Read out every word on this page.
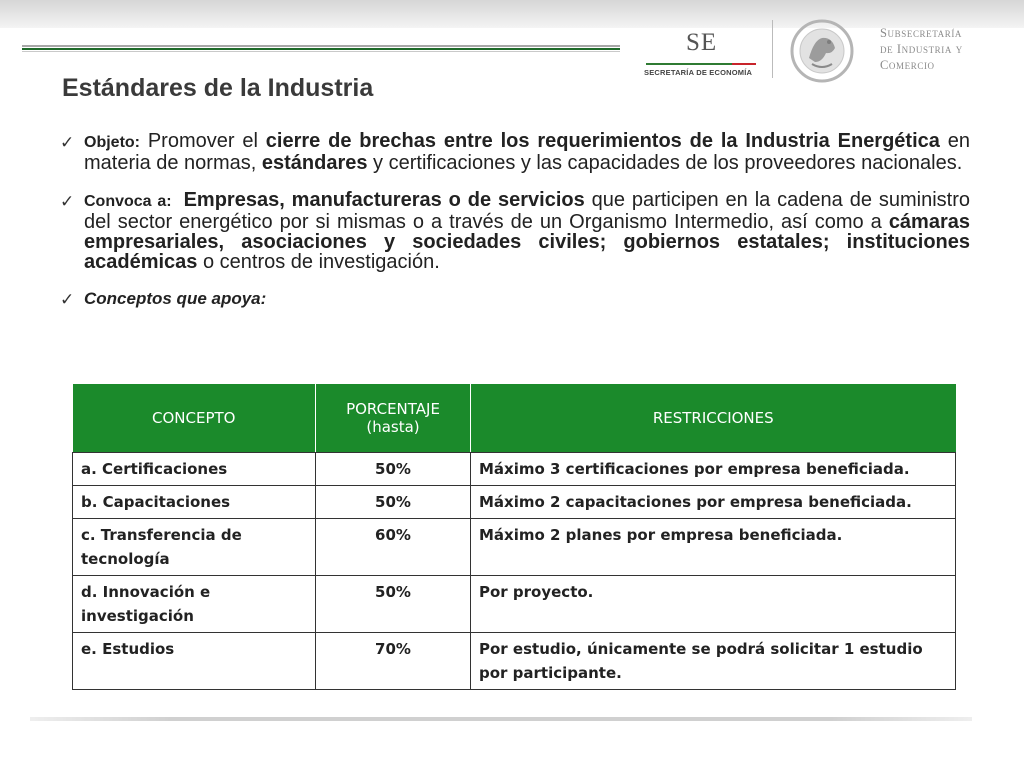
SE
SECRETARÍA DE ECONOMÍA
Subsecretaría
de Industria y
Comercio
Estándares de la Industria
✓ Objeto: Promover el cierre de brechas entre los requerimientos de la Industria Energética en materia de normas, estándares y certificaciones y las capacidades de los proveedores nacionales.

✓ Convoca a: Empresas, manufactureras o de servicios que participen en la cadena de suministro del sector energético por si mismas o a través de un Organismo Intermedio, así como a cámaras empresariales, asociaciones y sociedades civiles; gobiernos estatales; instituciones académicas o centros de investigación.

✓ Conceptos que apoya:

CONCEPTO	PORCENTAJE (hasta)	RESTRICCIONES

a. Certificaciones	50%	Máximo 3 certificaciones por empresa beneficiada.
b. Capacitaciones	50%	Máximo 2 capacitaciones por empresa beneficiada.
c. Transferencia de tecnología	60%	Máximo 2 planes por empresa beneficiada.
d. Innovación e investigación	50%	Por proyecto.
e. Estudios	70%	Por estudio, únicamente se podrá solicitar 1 estudio por participante.
